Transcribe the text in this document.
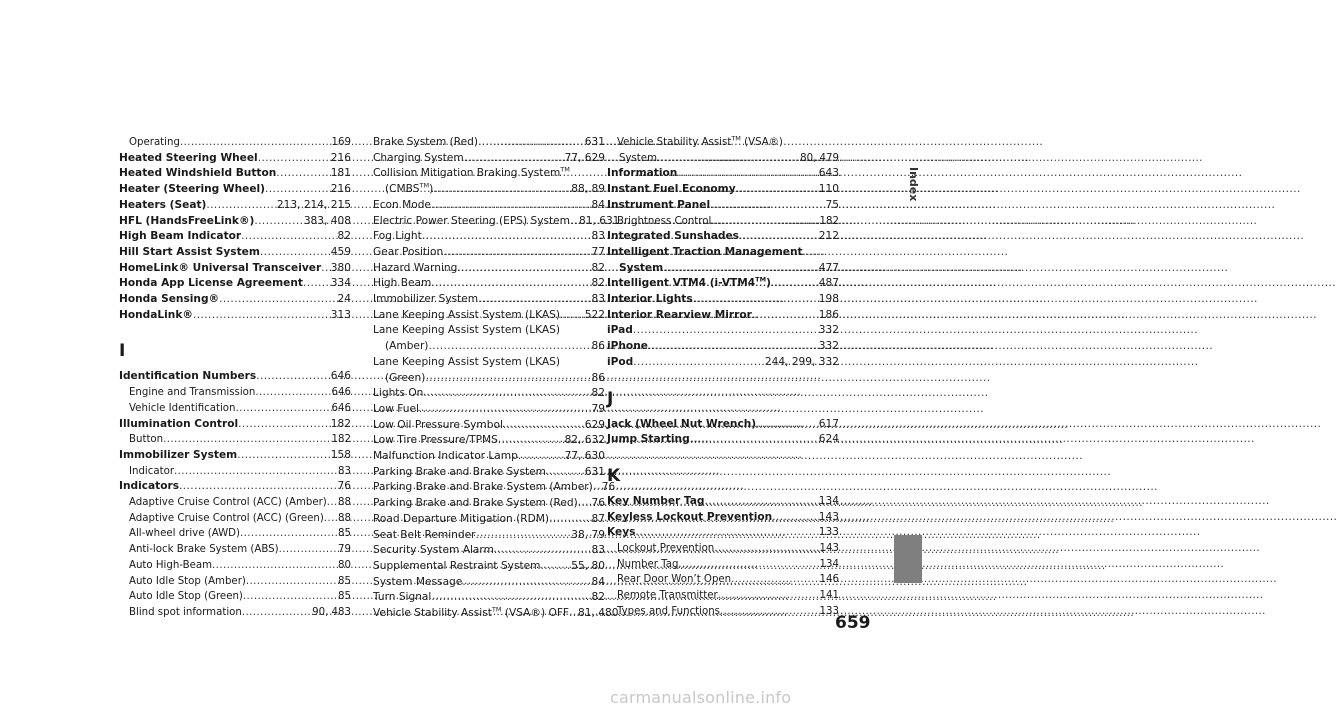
Operating .....	169
Heated Steering Wheel .....	216
Heated Windshield Button .....	181
Heater (Steering Wheel) .....	216
Heaters (Seat) .....	213, 214, 215
HFL (HandsFreeLink®) .....	383, 408
High Beam Indicator .....	82
Hill Start Assist System .....	459
HomeLink® Universal Transceiver ..... 380
Honda App License Agreement .....	334
Honda Sensing® .....	24
HondaLink® .....	313
I
Identification Numbers .....	646
Engine and Transmission .....	646
Vehicle Identification .....	646
Illumination Control .....	182
Button .....	182
Immobilizer System .....	158
Indicator .....	83
Indicators .....	76
Adaptive Cruise Control (ACC) (Amber) ..... 88
Adaptive Cruise Control (ACC) (Green) ..... 88
All-wheel drive (AWD) .....	85
Anti-lock Brake System (ABS) .....	79
Auto High-Beam .....	80
Auto Idle Stop (Amber) .....	85
Auto Idle Stop (Green) .....	85
Blind spot information .....	90, 483
Brake System (Red) .....	631
Charging System .....	77, 629
Collision Mitigation Braking System™
(CMBS™) .....	88, 89
Econ Mode .....	84
Electric Power Steering (EPS) System ..... 81, 631
Fog Light .....	83
Gear Position .....	77
Hazard Warning .....	82
High Beam .....	82
Immobilizer System .....	83
Lane Keeping Assist System (LKAS) ..... 522
Lane Keeping Assist System (LKAS)
(Amber) .....	86
Lane Keeping Assist System (LKAS)
(Green) .....	86
Lights On .....	82
Low Fuel .....	79
Low Oil Pressure Symbol .....	629
Low Tire Pressure/TPMS .....	82, 632
Malfunction Indicator Lamp .....	77, 630
Parking Brake and Brake System .....	631
Parking Brake and Brake System (Amber) ..... 76
Parking Brake and Brake System (Red) ..... 76
Road Departure Mitigation (RDM) .....	87
Seat Belt Reminder .....	38, 79
Security System Alarm .....	83
Supplemental Restraint System .....	55, 80
System Message .....	84
Turn Signal .....	82
Vehicle Stability Assist™ (VSA®) OFF ..... 81, 480
Vehicle Stability Assist™ (VSA®)
System .....	80, 479
Information .....	643
Instant Fuel Economy .....	110
Instrument Panel .....	75
Brightness Control .....	182
Integrated Sunshades .....	212
Intelligent Traction Management
System .....	477
Intelligent VTM4 (i-VTM4™) .....	487
Interior Lights .....	198
Interior Rearview Mirror .....	186
iPad .....	332
iPhone .....	332
iPod .....	244, 299, 332
J
Jack (Wheel Nut Wrench) .....	617
Jump Starting .....	624
K
Key Number Tag .....	134
Keyless Lockout Prevention .....	143
Keys .....	133
Lockout Prevention .....	143
Number Tag .....	134
Rear Door Won’t Open .....	146
Remote Transmitter .....	141
Types and Functions .....	133
Index
659
carmanualsonline.info
